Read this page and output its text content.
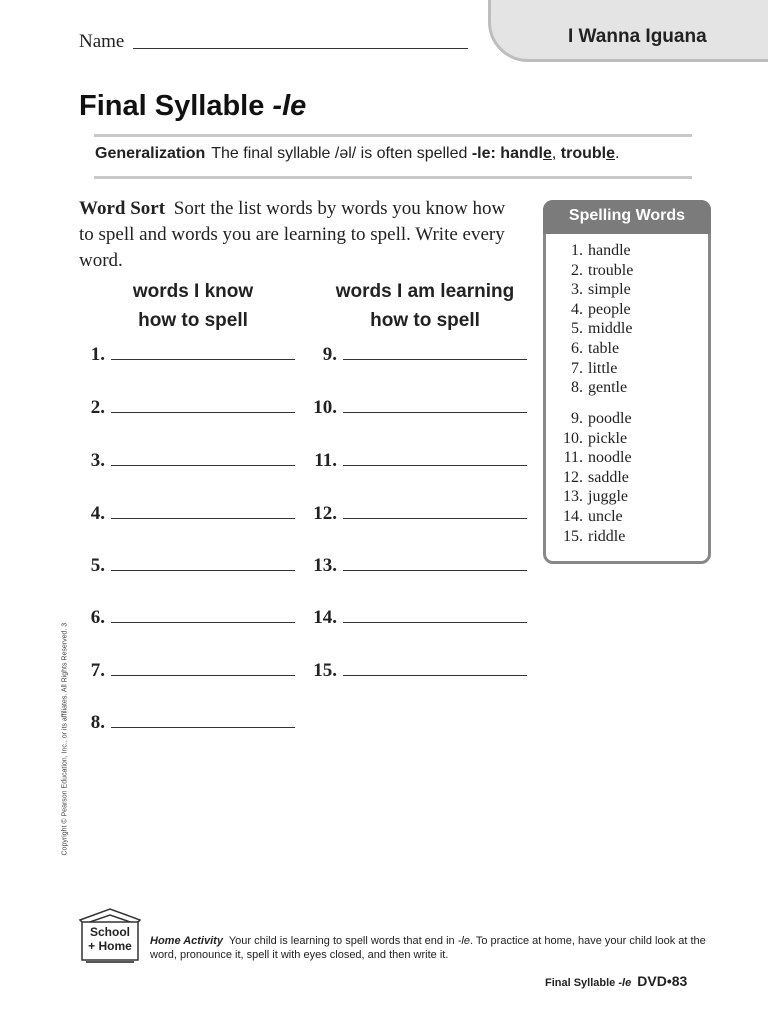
I Wanna Iguana
Name
Final Syllable -le
Generalization The final syllable /əl/ is often spelled -le: handle, trouble.
Word Sort Sort the list words by words you know how to spell and words you are learning to spell. Write every word.
words I know
how to spell
words I am learning
how to spell
1.
2.
3.
4.
5.
6.
7.
8.
9.
10.
11.
12.
13.
14.
15.
Spelling Words
1. handle
2. trouble
3. simple
4. people
5. middle
6. table
7. little
8. gentle
9. poodle
10. pickle
11. noodle
12. saddle
13. juggle
14. uncle
15. riddle
Copyright © Pearson Education, Inc., or its affiliates. All Rights Reserved. 3
School
+ Home Home Activity Your child is learning to spell words that end in -le. To practice at home, have your child look at the word, pronounce it, spell it with eyes closed, and then write it.
Final Syllable -le DVD•83
